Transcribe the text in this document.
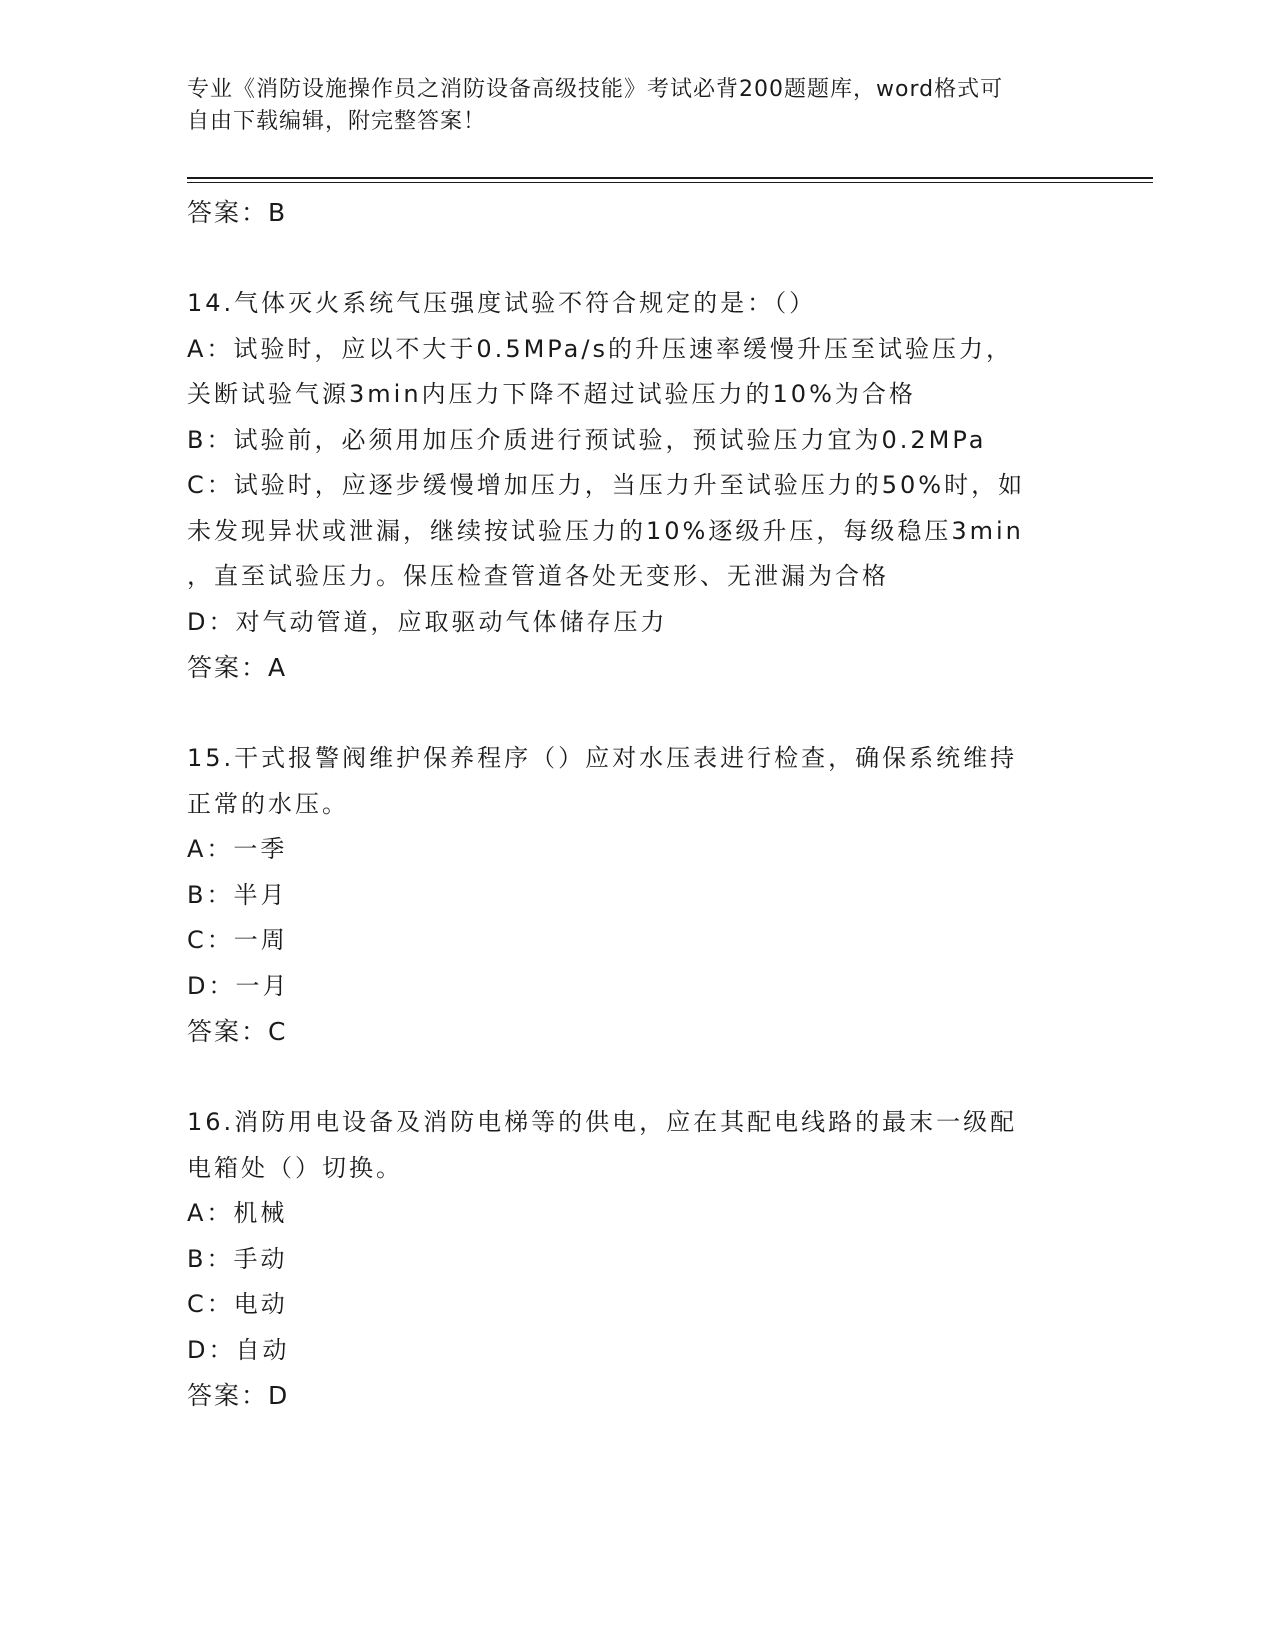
专业《消防设施操作员之消防设备高级技能》考试必背200题题库，word格式可
自由下载编辑，附完整答案！
答案：B
14.气体灭火系统气压强度试验不符合规定的是：（）
A：试验时，应以不大于0.5MPa/s的升压速率缓慢升压至试验压力，
关断试验气源3min内压力下降不超过试验压力的10%为合格
B：试验前，必须用加压介质进行预试验，预试验压力宜为0.2MPa
C：试验时，应逐步缓慢增加压力，当压力升至试验压力的50%时，如
未发现异状或泄漏，继续按试验压力的10%逐级升压，每级稳压3min
，直至试验压力。保压检查管道各处无变形、无泄漏为合格
D：对气动管道，应取驱动气体储存压力
答案：A
15.干式报警阀维护保养程序（）应对水压表进行检查，确保系统维持
正常的水压。
A：一季
B：半月
C：一周
D：一月
答案：C
16.消防用电设备及消防电梯等的供电，应在其配电线路的最末一级配
电箱处（）切换。
A：机械
B：手动
C：电动
D：自动
答案：D
